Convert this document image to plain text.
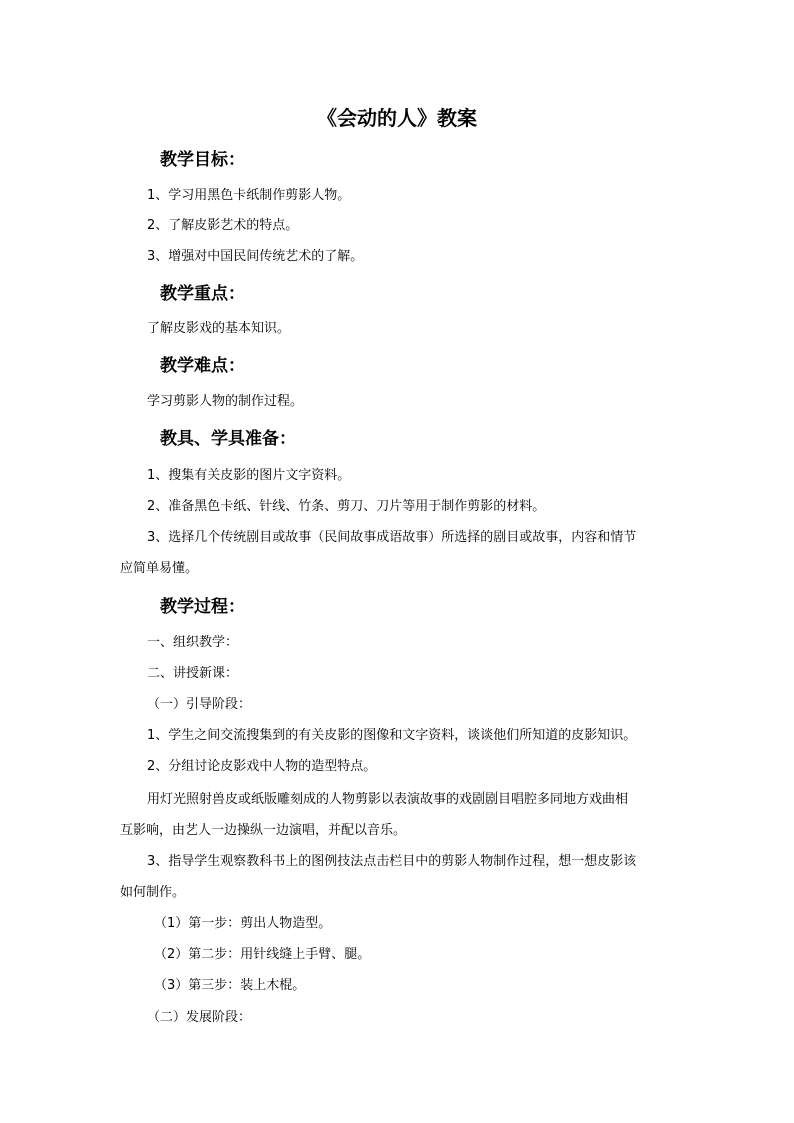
《会动的人》教案
教学目标：
1、学习用黑色卡纸制作剪影人物。
2、了解皮影艺术的特点。
3、增强对中国民间传统艺术的了解。
教学重点：
了解皮影戏的基本知识。
教学难点：
学习剪影人物的制作过程。
教具、学具准备：
1、搜集有关皮影的图片文字资料。
2、准备黑色卡纸、针线、竹条、剪刀、刀片等用于制作剪影的材料。
3、选择几个传统剧目或故事（民间故事成语故事）所选择的剧目或故事，内容和情节
应简单易懂。
教学过程：
一、组织教学：
二、讲授新课：
（一）引导阶段：
1、学生之间交流搜集到的有关皮影的图像和文字资料，谈谈他们所知道的皮影知识。
2、分组讨论皮影戏中人物的造型特点。
用灯光照射兽皮或纸版雕刻成的人物剪影以表演故事的戏剧剧目唱腔多同地方戏曲相
互影响，由艺人一边操纵一边演唱，并配以音乐。
3、指导学生观察教科书上的图例技法点击栏目中的剪影人物制作过程，想一想皮影该
如何制作。
（1）第一步：剪出人物造型。
（2）第二步：用针线缝上手臂、腿。
（3）第三步：装上木棍。
（二）发展阶段：
